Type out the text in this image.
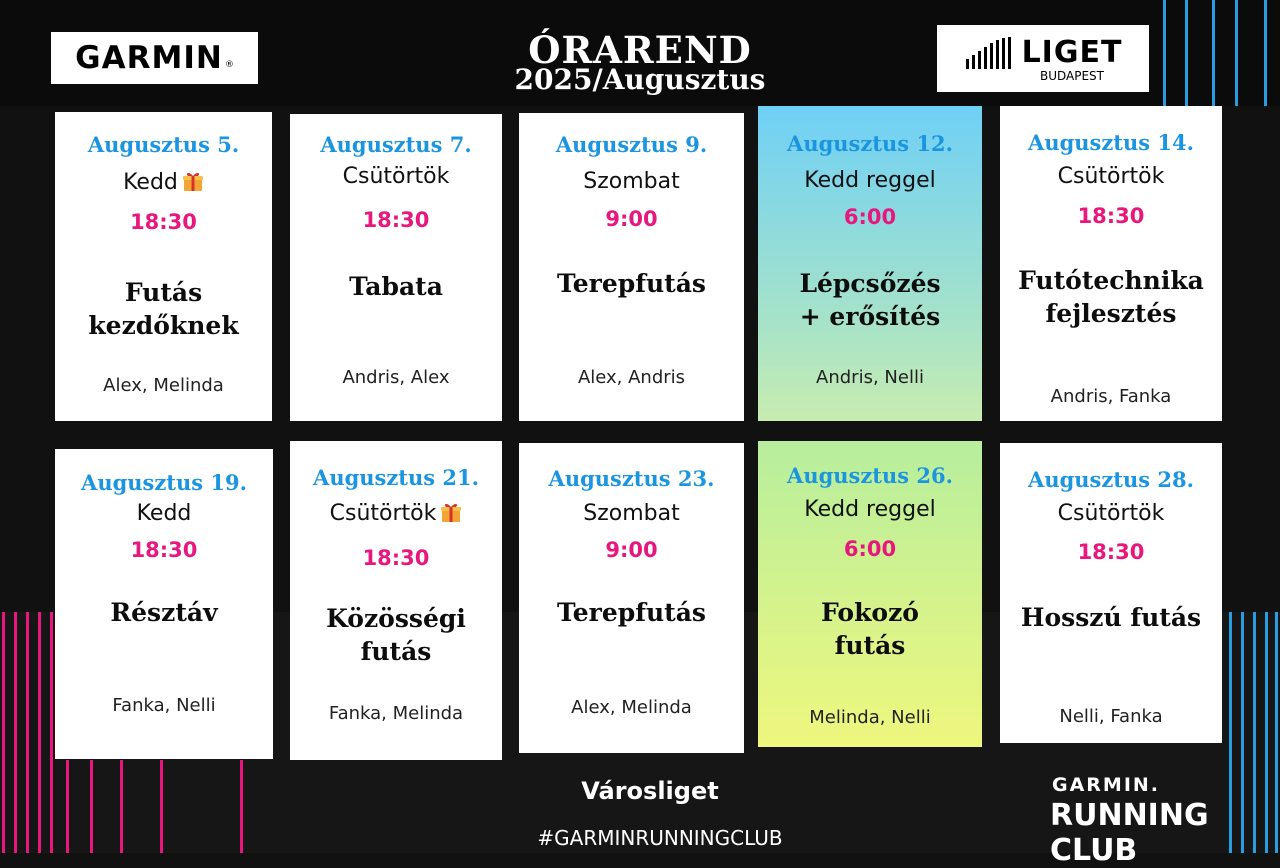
GARMIN ®	LIGET
BUDAPEST
ÓRAREND
2025/Augusztus
Augusztus 5.
Kedd
18:30
Futás
kezdőknek
Alex, Melinda
Augusztus 7.
Csütörtök
18:30
Tabata
Andris, Alex
Augusztus 9.
Szombat
9:00
Terepfutás
Alex, Andris
Augusztus 12.
Kedd reggel
6:00
Lépcsőzés
+ erősítés
Andris, Nelli
Augusztus 14.
Csütörtök
18:30
Futótechnika
fejlesztés
Andris, Fanka
Augusztus 19.
Kedd
18:30
Résztáv
Fanka, Nelli
Augusztus 21.
Csütörtök
18:30
Közösségi
futás
Fanka, Melinda
Augusztus 23.
Szombat
9:00
Terepfutás
Alex, Melinda
Augusztus 26.
Kedd reggel
6:00
Fokozó
futás
Melinda, Nelli
Augusztus 28.
Csütörtök
18:30
Hosszú futás
Nelli, Fanka
Városliget
#GARMINRUNNINGCLUB
GARMIN.
RUNNING CLUB
